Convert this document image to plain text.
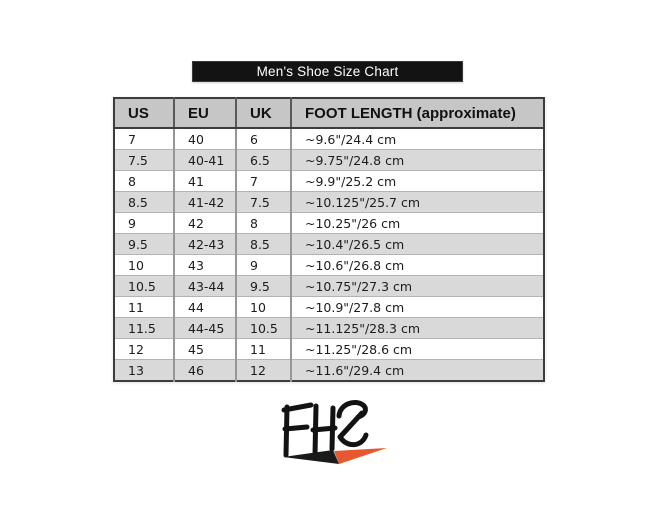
Men's Shoe Size Chart
US	EU	UK	FOOT LENGTH (approximate)
7	40	6	~9.6"/24.4 cm
7.5	40-41	6.5	~9.75"/24.8 cm
8	41	7	~9.9"/25.2 cm
8.5	41-42	7.5	~10.125"/25.7 cm
9	42	8	~10.25"/26 cm
9.5	42-43	8.5	~10.4"/26.5 cm
10	43	9	~10.6"/26.8 cm
10.5	43-44	9.5	~10.75"/27.3 cm
11	44	10	~10.9"/27.8 cm
11.5	44-45	10.5	~11.125"/28.3 cm
12	45	11	~11.25"/28.6 cm
13	46	12	~11.6"/29.4 cm
